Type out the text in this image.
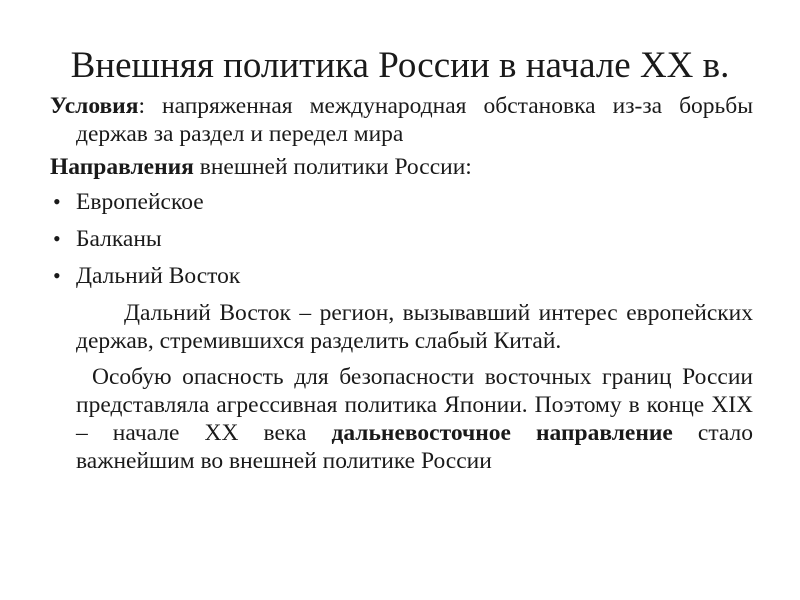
Внешняя политика России в начале XX в.

Условия: напряженная международная обстановка из-за борьбы держав за раздел и передел мира

Направления внешней политики России:

• Европейское
• Балканы
• Дальний Восток

Дальний Восток – регион, вызывавший интерес европейских держав, стремившихся разделить слабый Китай.

Особую опасность для безопасности восточных границ России представляла агрессивная политика Японии. Поэтому в конце XIX – начале XX века дальневосточное направление стало важнейшим во внешней политике России
